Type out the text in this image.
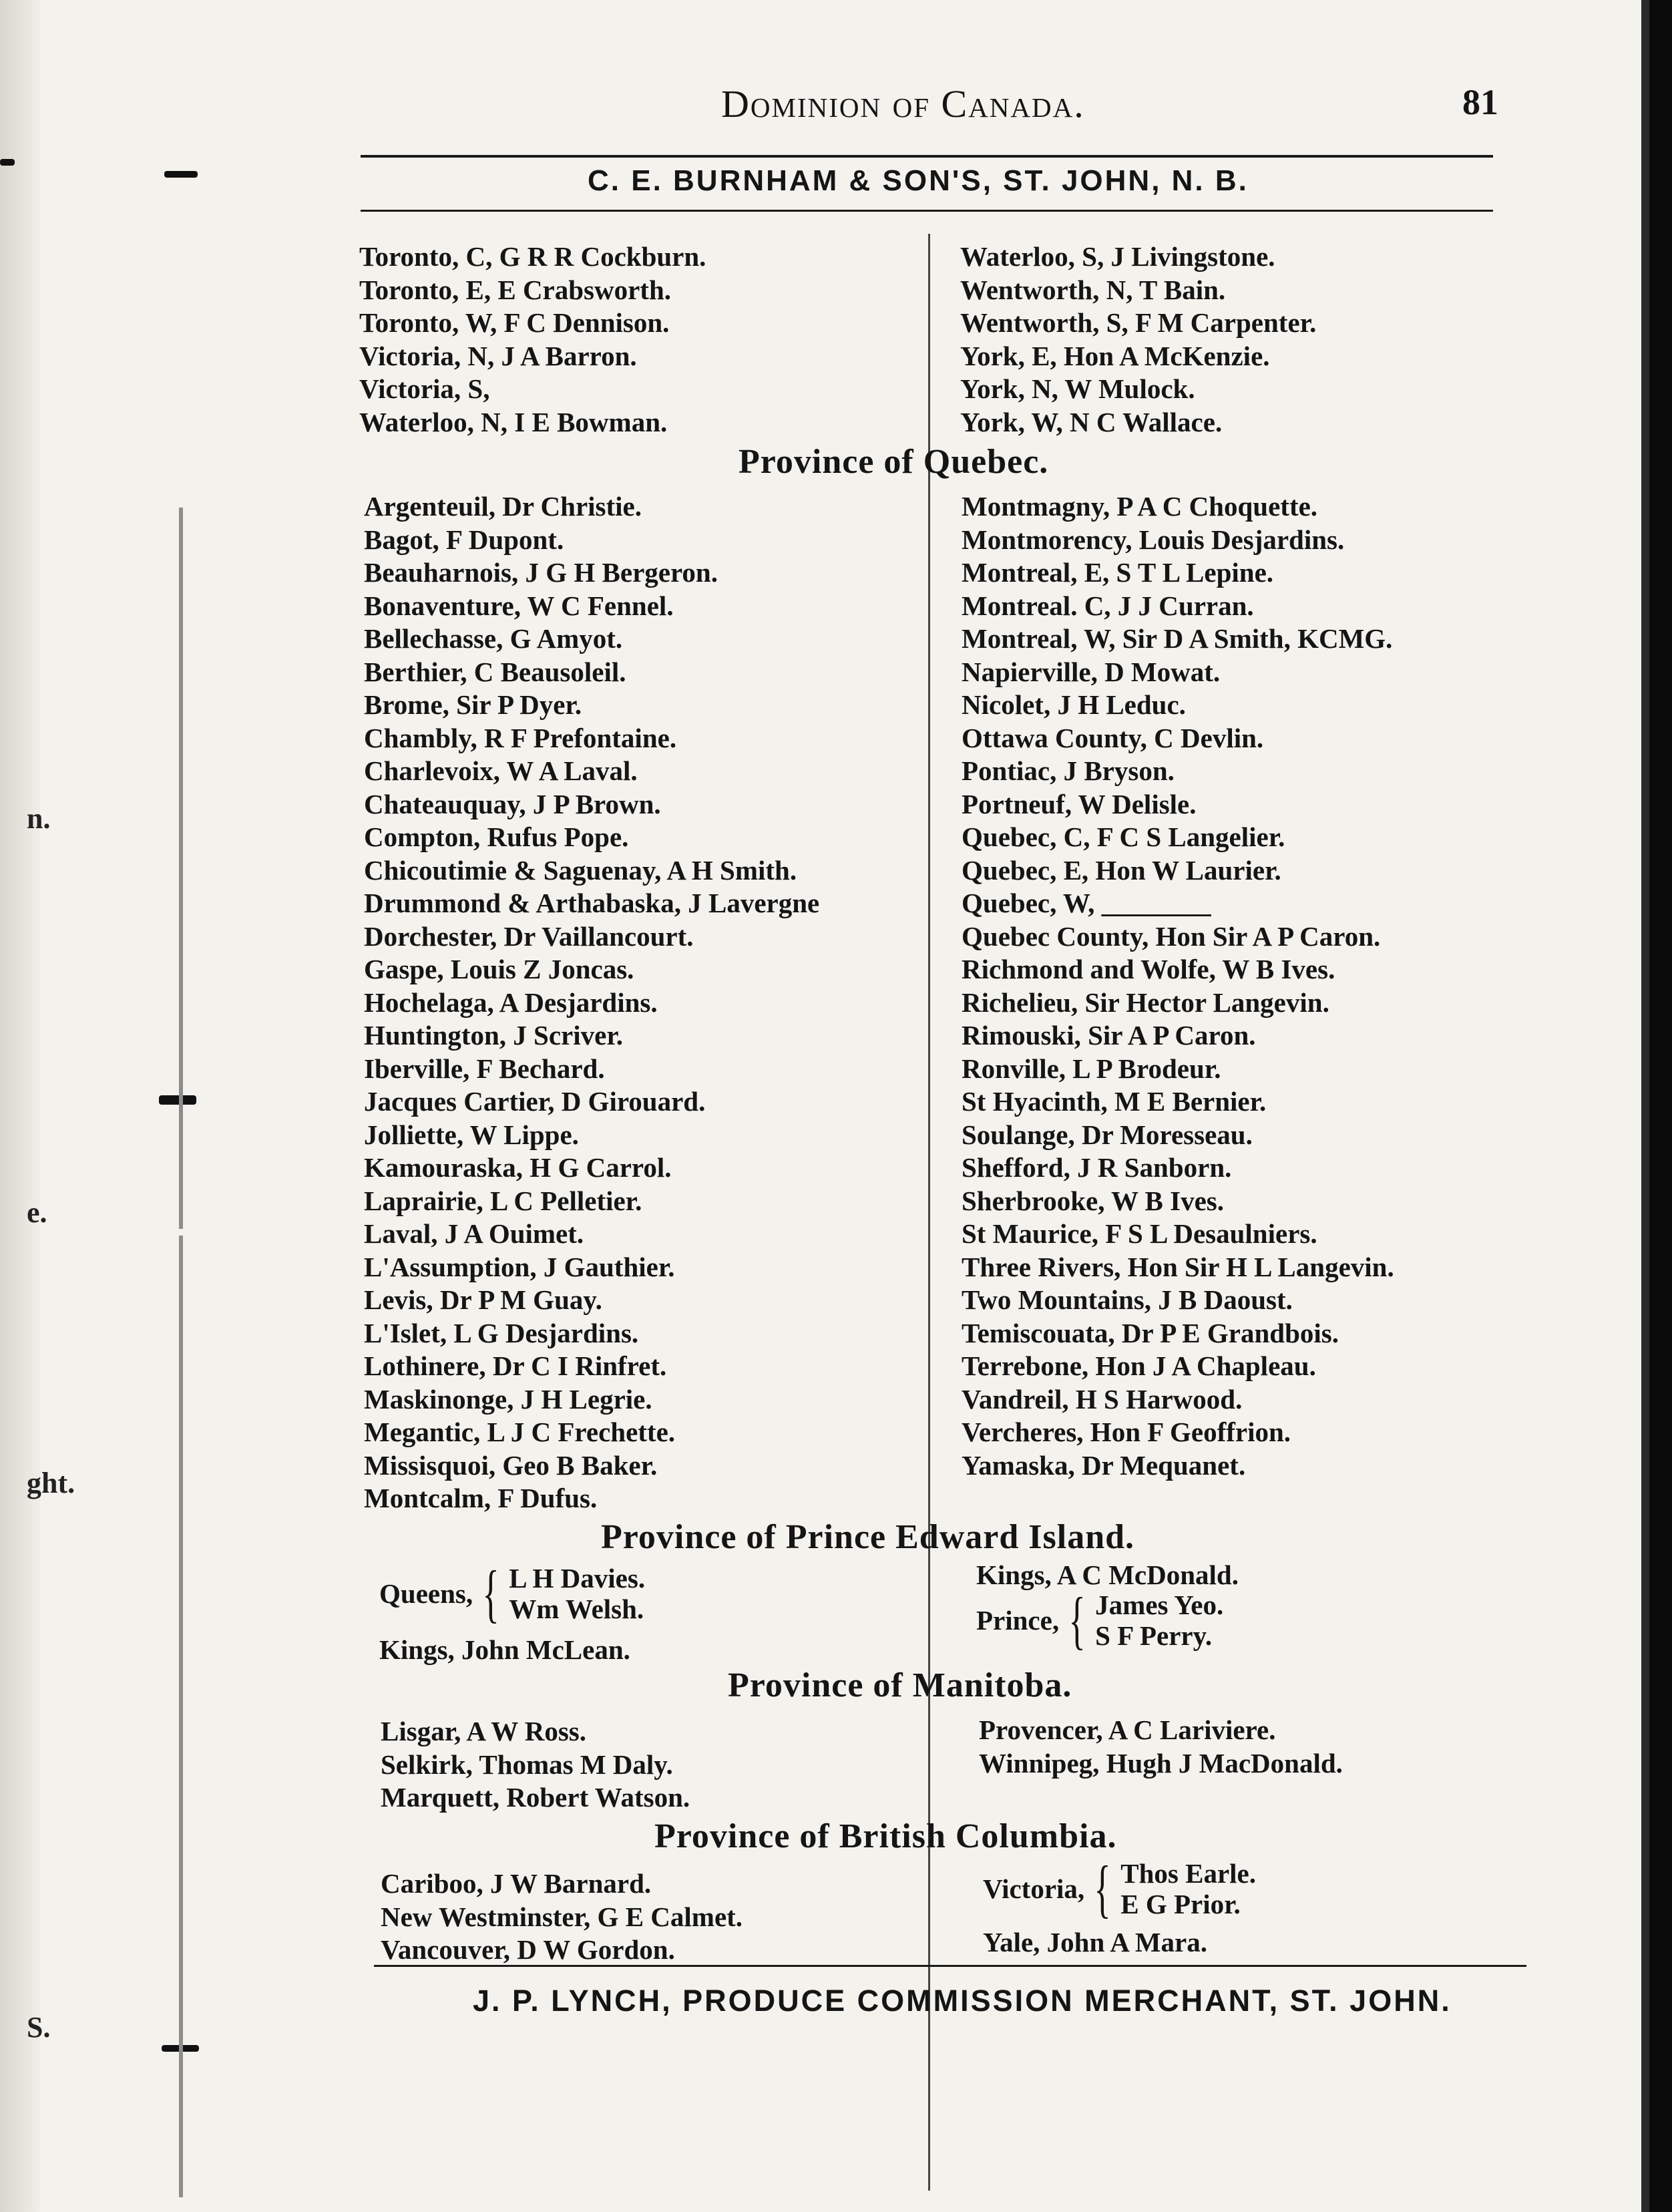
n.
e.
ght.
S.
Dominion of Canada.	81
C. E. BURNHAM & SON'S, ST. JOHN, N. B.
Toronto, C, G R R Cockburn.
Toronto, E, E Crabsworth.
Toronto, W, F C Dennison.
Victoria, N, J A Barron.
Victoria, S,
Waterloo, N, I E Bowman.
Waterloo, S, J Livingstone.
Wentworth, N, T Bain.
Wentworth, S, F M Carpenter.
York, E, Hon A McKenzie.
York, N, W Mulock.
York, W, N C Wallace.
Province of Quebec.
Argenteuil, Dr Christie.
Bagot, F Dupont.
Beauharnois, J G H Bergeron.
Bonaventure, W C Fennel.
Bellechasse, G Amyot.
Berthier, C Beausoleil.
Brome, Sir P Dyer.
Chambly, R F Prefontaine.
Charlevoix, W A Laval.
Chateauquay, J P Brown.
Compton, Rufus Pope.
Chicoutimie & Saguenay, A H Smith.
Drummond & Arthabaska, J Lavergne
Dorchester, Dr Vaillancourt.
Gaspe, Louis Z Joncas.
Hochelaga, A Desjardins.
Huntington, J Scriver.
Iberville, F Bechard.
Jacques Cartier, D Girouard.
Jolliette, W Lippe.
Kamouraska, H G Carrol.
Laprairie, L C Pelletier.
Laval, J A Ouimet.
L'Assumption, J Gauthier.
Levis, Dr P M Guay.
L'Islet, L G Desjardins.
Lothinere, Dr C I Rinfret.
Maskinonge, J H Legrie.
Megantic, L J C Frechette.
Missisquoi, Geo B Baker.
Montcalm, F Dufus.
Montmagny, P A C Choquette.
Montmorency, Louis Desjardins.
Montreal, E, S T L Lepine.
Montreal. C, J J Curran.
Montreal, W, Sir D A Smith, KCMG.
Napierville, D Mowat.
Nicolet, J H Leduc.
Ottawa County, C Devlin.
Pontiac, J Bryson.
Portneuf, W Delisle.
Quebec, C, F C S Langelier.
Quebec, E, Hon W Laurier.
Quebec, W, ________
Quebec County, Hon Sir A P Caron.
Richmond and Wolfe, W B Ives.
Richelieu, Sir Hector Langevin.
Rimouski, Sir A P Caron.
Ronville, L P Brodeur.
St Hyacinth, M E Bernier.
Soulange, Dr Moresseau.
Shefford, J R Sanborn.
Sherbrooke, W B Ives.
St Maurice, F S L Desaulniers.
Three Rivers, Hon Sir H L Langevin.
Two Mountains, J B Daoust.
Temiscouata, Dr P E Grandbois.
Terrebone, Hon J A Chapleau.
Vandreil, H S Harwood.
Vercheres, Hon F Geoffrion.
Yamaska, Dr Mequanet.
Province of Prince Edward Island.
Queens, { L H Davies.
Wm Welsh.
Kings, John McLean.
Kings, A C McDonald.
Prince, { James Yeo.
S F Perry.
Province of Manitoba.
Lisgar, A W Ross.
Selkirk, Thomas M Daly.
Marquett, Robert Watson.
Provencer, A C Lariviere.
Winnipeg, Hugh J MacDonald.
Province of British Columbia.
Cariboo, J W Barnard.
New Westminster, G E Calmet.
Vancouver, D W Gordon.
Victoria, { Thos Earle.
E G Prior.
Yale, John A Mara.
J. P. LYNCH, PRODUCE COMMISSION MERCHANT, ST. JOHN.
